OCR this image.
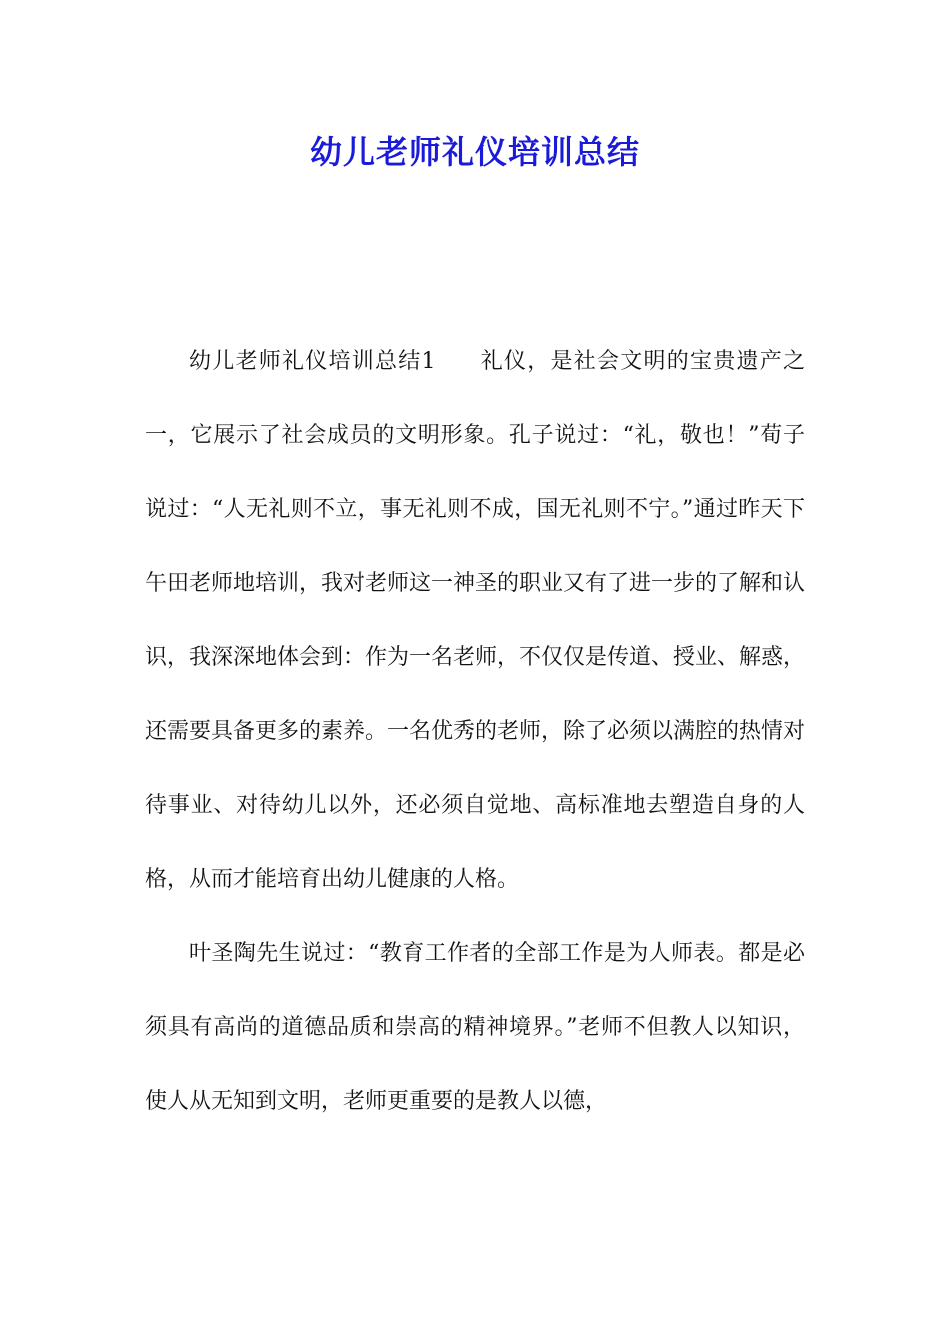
幼儿老师礼仪培训总结

幼儿老师礼仪培训总结1 礼仪，是社会文明的宝贵遗产之一，它展示了社会成员的文明形象。孔子说过：“礼，敬也！”荀子说过：“人无礼则不立，事无礼则不成，国无礼则不宁。”通过昨天下午田老师地培训，我对老师这一神圣的职业又有了进一步的了解和认识，我深深地体会到：作为一名老师，不仅仅是传道、授业、解惑，还需要具备更多的素养。一名优秀的老师，除了必须以满腔的热情对待事业、对待幼儿以外，还必须自觉地、高标准地去塑造自身的人格，从而才能培育出幼儿健康的人格。

叶圣陶先生说过：“教育工作者的全部工作是为人师表。都是必须具有高尚的道德品质和崇高的精神境界。”老师不但教人以知识，使人从无知到文明，老师更重要的是教人以德，
